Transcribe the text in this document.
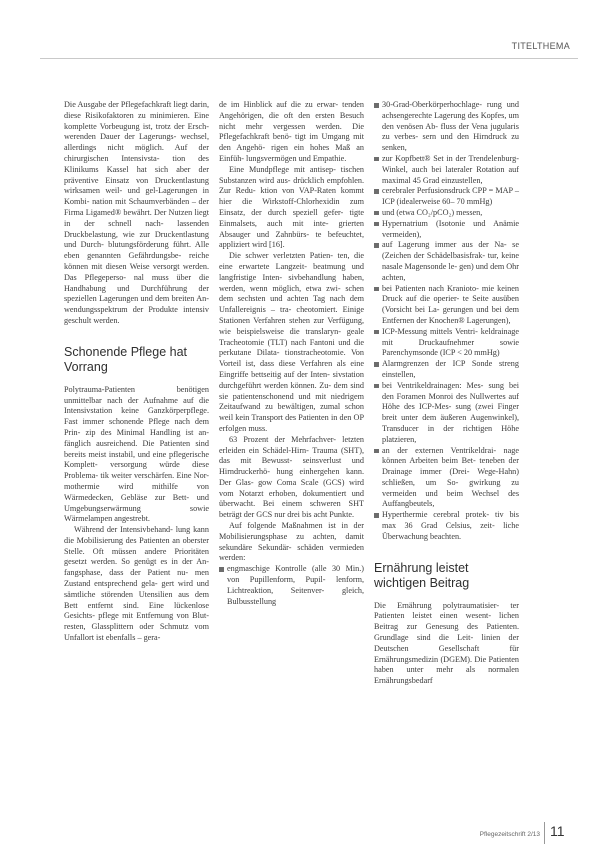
TITELTHEMA

Die Ausgabe der Pflegefachkraft liegt darin, diese Risikofaktoren zu minimieren. Eine komplette Vorbeugung ist, trotz der Ersch- werenden Dauer der Lagerungs- wechsel, allerdings nicht möglich. Auf der chirurgischen Intensivsta- tion des Klinikums Kassel hat sich aber der präventive Einsatz von Druckentlastung wirksamen weil- und gel-Lagerungen in Kombi- nation mit Schaumverbänden – der Firma Ligamed® bewährt. Der Nutzen liegt in der schnell nach- lassenden Druckbelastung, wie zur Druckentlastung und Durch- blutungsförderung führt. Alle eben genannten Gefährdungsbe- reiche können mit diesen Weise versorgt werden. Das Pflegeperso- nal muss über die Handhabung und Durchführung der speziellen Lagerungen und dem breiten An- wendungsspektrum der Produkte intensiv geschult werden.

Schonende Pflege hat Vorrang

Polytrauma-Patienten benötigen unmittelbar nach der Aufnahme auf die Intensivstation keine Ganzkörperpflege. Fast immer schonende Pflege nach dem Prin- zip des Minimal Handling ist an- fänglich ausreichend. Die Patienten sind bereits meist instabil, und eine pflegerische Komplett- versorgung würde diese Problema- tik weiter verschärfen. Eine Nor- mothermie wird mithilfe von Wärmedecken, Gebläse zur Bett- und Umgebungserwärmung sowie Wärmelampen angestrebt.

Während der Intensivbehand- lung kann die Mobilisierung des Patienten an oberster Stelle. Oft müssen andere Prioritäten gesetzt werden. So genügt es in der An- fangsphase, dass der Patient nu- men Zustand entsprechend gela- gert wird und sämtliche störenden Utensilien aus dem Bett entfernt sind. Eine lückenlose Gesichts- pflege mit Entfernung von Blut- resten, Glassplittern oder Schmutz vom Unfallort ist ebenfalls – gera-

de im Hinblick auf die zu erwar- tenden Angehörigen, die oft den ersten Besuch nicht mehr vergessen werden. Die Pflegefachkraft benö- tigt im Umgang mit den Angehö- rigen ein hohes Maß an Einfüh- lungsvermögen und Empathie.

Eine Mundpflege mit antisep- tischen Substanzen wird aus- drücklich empfohlen. Zur Redu- ktion von VAP-Raten kommt hier die Wirkstoff-Chlorhexidin zum Einsatz, der durch speziell gefer- tigte Einmalsets, auch mit inte- grierten Absauger und Zahnbürs- te befeuchtet, appliziert wird [16].

Die schwer verletzten Patien- ten, die eine erwartete Langzeit- beatmung und langfristige Inten- sivbehandlung haben, werden, wenn möglich, etwa zwi- schen dem sechsten und achten Tag nach dem Unfallereignis – tra- cheotomiert. Einige Stationen Verfahren stehen zur Verfügung, wie beispielsweise die translaryn- geale Tracheotomie (TLT) nach Fantoni und die perkutane Dilata- tionstracheotomie. Von Vorteil ist, dass diese Verfahren als eine Eingriffe bettseitig auf der Inten- sivstation durchgeführt werden können. Zu- dem sind sie patientenschonend und mit niedrigem Zeitaufwand zu bewältigen, zumal schon weil kein Transport des Patienten in den OP erfolgen muss.

63 Prozent der Mehrfachver- letzten erleiden ein Schädel-Hirn- Trauma (SHT), das mit Bewusst- seinsverlust und Hirndruckerhö- hung einhergehen kann. Der Glas- gow Coma Scale (GCS) wird vom Notarzt erhoben, dokumentiert und überwacht. Bei einem schweren SHT beträgt der GCS nur drei bis acht Punkte.

Auf folgende Maßnahmen ist in der Mobilisierungsphase zu achten, damit sekundäre Sekundär- schäden vermieden werden:

engmaschige Kontrolle (alle 30 Min.) von Pupillenform, Pupil- lenform, Lichtreaktion, Seitenver- gleich, Bulbusstellung
30-Grad-Oberkörperhochlage- rung und achsengerechte Lagerung des Kopfes, um den venösen Ab- fluss der Vena jugularis zu verbes- sern und den Hirndruck zu senken,
zur Kopfbett® Set in der Trendelenburg-Winkel, auch bei lateraler Rotation auf maximal 45 Grad einzustellen,
cerebraler Perfusionsdruck CPP = MAP – ICP (idealerweise 60– 70 mmHg)
und (etwa CO₂/pCO₂) messen,
Hypernatrium (Isotonie und Anämie vermeiden),
auf Lagerung immer aus der Na- se (Zeichen der Schädelbasisfrak- tur, keine nasale Magensonde le- gen) und dem Ohr achten,
bei Patienten nach Kranioto- mie keinen Druck auf die operier- te Seite ausüben (Vorsicht bei La- gerungen und bei dem Entfernen der Knochen® Lagerungen),
ICP-Messung mittels Ventri- keldrainage mit Druckaufnehmer sowie Parenchymsonde (ICP < 20 mmHg)
Alarmgrenzen der ICP Sonde streng einstellen,
bei Ventrikeldrainagen: Mes- sung bei den Foramen Monroi des Nullwertes auf Höhe des ICP-Mes- sung (zwei Finger breit unter dem äußeren Augenwinkel), Transducer in der richtigen Höhe platzieren,
an der externen Ventrikeldrai- nage können Arbeiten beim Bet- teneben der Drainage immer (Drei- Wege-Hahn) schließen, um So- gwirkung zu vermeiden und beim Wechsel des Auffangbeutels,
Hyperthermie cerebral protek- tiv bis max 36 Grad Celsius, zeit- liche Überwachung beachten.
Ernährung leistet wichtigen Beitrag

Die Ernährung polytraumatisier- ter Patienten leistet einen wesent- lichen Beitrag zur Genesung des Patienten. Grundlage sind die Leit- linien der Deutschen Gesellschaft für Ernährungsmedizin (DGEM). Die Patienten haben unter mehr als normalen Ernährungsbedarf

Pflegezeitschrift 2/13 11
